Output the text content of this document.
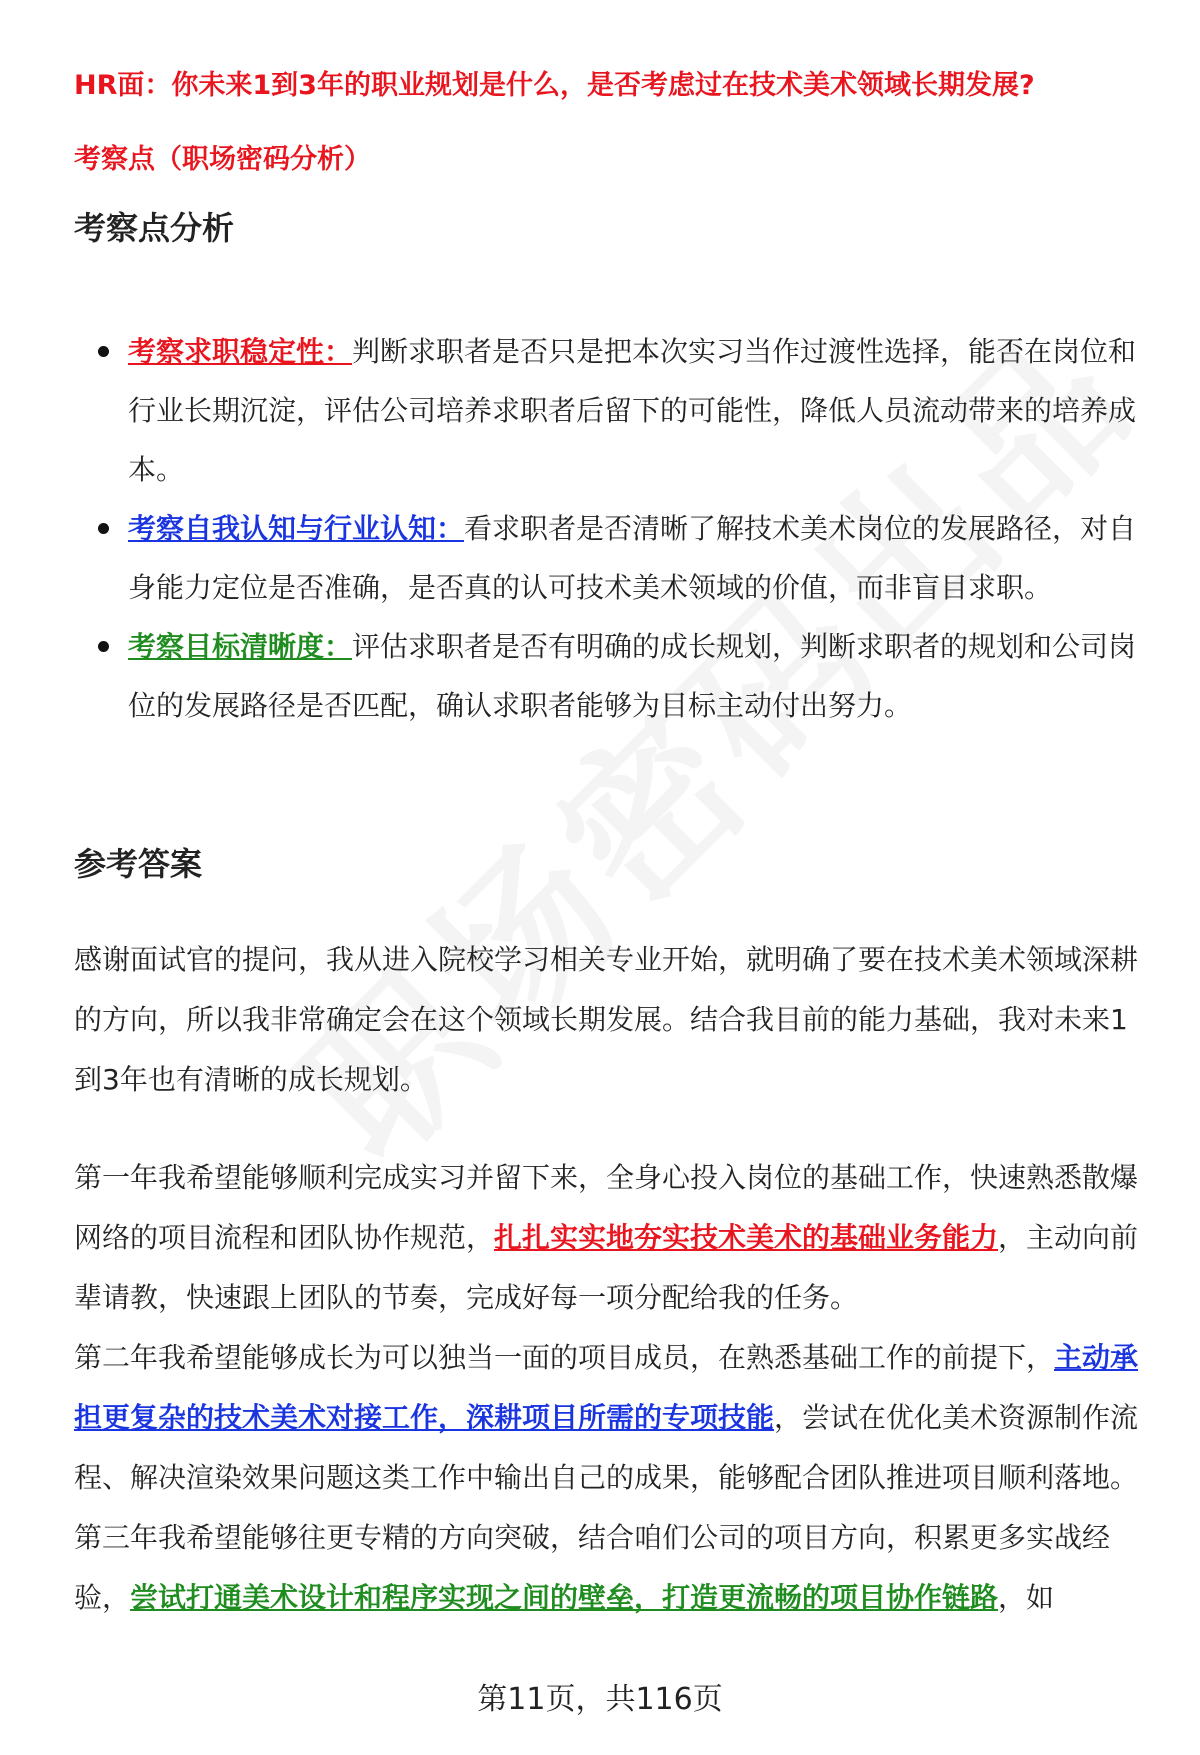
HR面：你未来1到3年的职业规划是什么，是否考虑过在技术美术领域长期发展?
考察点（职场密码分析）
考察点分析
考察求职稳定性：判断求职者是否只是把本次实习当作过渡性选择，能否在岗位和行业长期沉淀，评估公司培养求职者后留下的可能性，降低人员流动带来的培养成本。
考察自我认知与行业认知：看求职者是否清晰了解技术美术岗位的发展路径，对自身能力定位是否准确，是否真的认可技术美术领域的价值，而非盲目求职。
考察目标清晰度：评估求职者是否有明确的成长规划，判断求职者的规划和公司岗位的发展路径是否匹配，确认求职者能够为目标主动付出努力。
参考答案

感谢面试官的提问，我从进入院校学习相关专业开始，就明确了要在技术美术领域深耕的方向，所以我非常确定会在这个领域长期发展。结合我目前的能力基础，我对未来1到3年也有清晰的成长规划。

第一年我希望能够顺利完成实习并留下来，全身心投入岗位的基础工作，快速熟悉散爆网络的项目流程和团队协作规范，扎扎实实地夯实技术美术的基础业务能力，主动向前辈请教，快速跟上团队的节奏，完成好每一项分配给我的任务。

第二年我希望能够成长为可以独当一面的项目成员，在熟悉基础工作的前提下，主动承担更复杂的技术美术对接工作，深耕项目所需的专项技能，尝试在优化美术资源制作流程、解决渲染效果问题这类工作中输出自己的成果，能够配合团队推进项目顺利落地。

第三年我希望能够往更专精的方向突破，结合咱们公司的项目方向，积累更多实战经验，尝试打通美术设计和程序实现之间的壁垒，打造更流畅的项目协作链路，如

第11页，共116页
